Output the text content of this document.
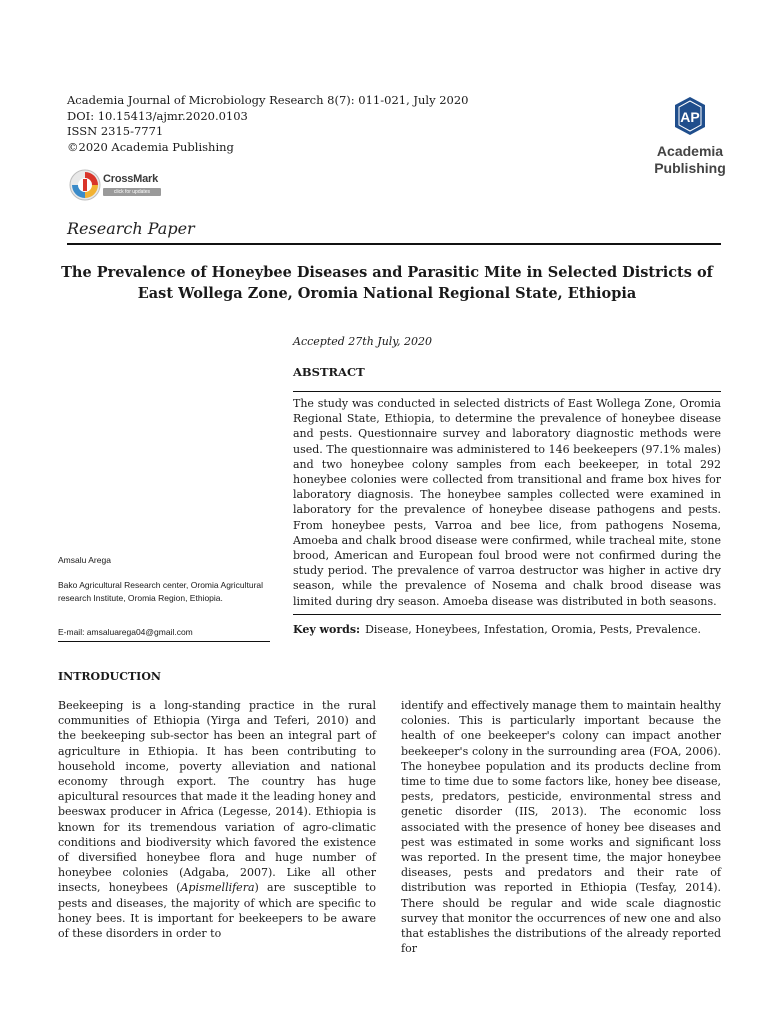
Academia Journal of Microbiology Research 8(7): 011-021, July 2020
DOI: 10.15413/ajmr.2020.0103
ISSN 2315-7771
©2020 Academia Publishing
CrossMark
click for updates
AP
Academia
Publishing
Research Paper
The Prevalence of Honeybee Diseases and Parasitic Mite in Selected Districts of East Wollega Zone, Oromia National Regional State, Ethiopia
Accepted 27th July, 2020
ABSTRACT
The study was conducted in selected districts of East Wollega Zone, Oromia Regional State, Ethiopia, to determine the prevalence of honeybee disease and pests. Questionnaire survey and laboratory diagnostic methods were used. The questionnaire was administered to 146 beekeepers (97.1% males) and two honeybee colony samples from each beekeeper, in total 292 honeybee colonies were collected from transitional and frame box hives for laboratory diagnosis. The honeybee samples collected were examined in laboratory for the prevalence of honeybee disease pathogens and pests. From honeybee pests, Varroa and bee lice, from pathogens Nosema, Amoeba and chalk brood disease were confirmed, while tracheal mite, stone brood, American and European foul brood were not confirmed during the study period. The prevalence of varroa destructor was higher in active dry season, while the prevalence of Nosema and chalk brood disease was limited during dry season. Amoeba disease was distributed in both seasons.
Key words: Disease, Honeybees, Infestation, Oromia, Pests, Prevalence.
Amsalu Arega
Bako Agricultural Research center, Oromia Agricultural research Institute, Oromia Region, Ethiopia.
E-mail: amsaluarega04@gmail.com
INTRODUCTION
Beekeeping is a long-standing practice in the rural communities of Ethiopia (Yirga and Teferi, 2010) and the beekeeping sub-sector has been an integral part of agriculture in Ethiopia. It has been contributing to household income, poverty alleviation and national economy through export. The country has huge apicultural resources that made it the leading honey and beeswax producer in Africa (Legesse, 2014). Ethiopia is known for its tremendous variation of agro-climatic conditions and biodiversity which favored the existence of diversified honeybee flora and huge number of honeybee colonies (Adgaba, 2007). Like all other insects, honeybees (Apismellifera) are susceptible to pests and diseases, the majority of which are specific to honey bees. It is important for beekeepers to be aware of these disorders in order to
identify and effectively manage them to maintain healthy colonies. This is particularly important because the health of one beekeeper's colony can impact another beekeeper's colony in the surrounding area (FOA, 2006). The honeybee population and its products decline from time to time due to some factors like, honey bee disease, pests, predators, pesticide, environmental stress and genetic disorder (IIS, 2013). The economic loss associated with the presence of honey bee diseases and pest was estimated in some works and significant loss was reported. In the present time, the major honeybee diseases, pests and predators and their rate of distribution was reported in Ethiopia (Tesfay, 2014). There should be regular and wide scale diagnostic survey that monitor the occurrences of new one and also that establishes the distributions of the already reported for
